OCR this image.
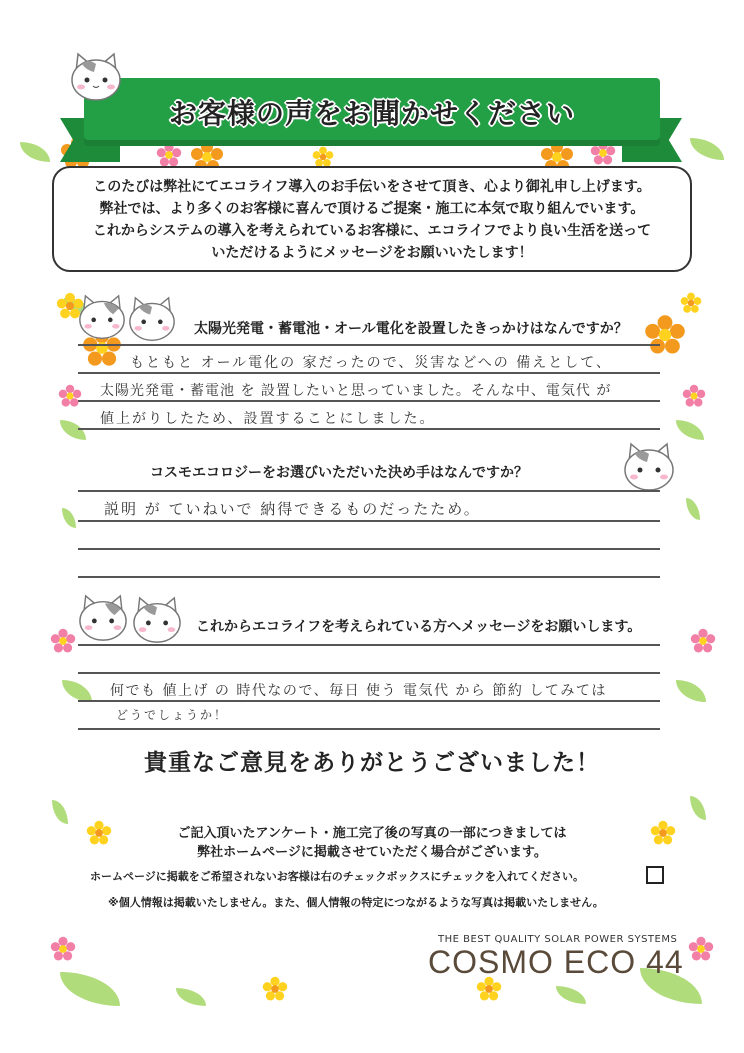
お客様の声をお聞かせください

このたびは弊社にてエコライフ導入のお手伝いをさせて頂き、心より御礼申し上げます。

弊社では、より多くのお客様に喜んで頂けるご提案・施工に本気で取り組んでいます。

これからシステムの導入を考えられているお客様に、エコライフでより良い生活を送って

いただけるようにメッセージをお願いいたします！

太陽光発電・蓄電池・オール電化を設置したきっかけはなんですか？
もともと オール電化の 家だったので、災害などへの 備えとして、
太陽光発電・蓄電池 を 設置したいと思っていました。そんな中、電気代 が
値上がりしたため、設置することにしました。
コスモエコロジーをお選びいただいた決め手はなんですか？
説明 が ていねいで 納得できるものだったため。
これからエコライフを考えられている方へメッセージをお願いします。
何でも 値上げ の 時代なので、毎日 使う 電気代 から 節約 してみては
どうでしょうか！
貴重なご意見をありがとうございました！
ご記入頂いたアンケート・施工完了後の写真の一部につきましては
弊社ホームページに掲載させていただく場合がございます。
ホームページに掲載をご希望されないお客様は右のチェックボックスにチェックを入れてください。
※個人情報は掲載いたしません。また、個人情報の特定につながるような写真は掲載いたしません。
THE BEST QUALITY SOLAR POWER SYSTEMS
COSMO ECO 44
